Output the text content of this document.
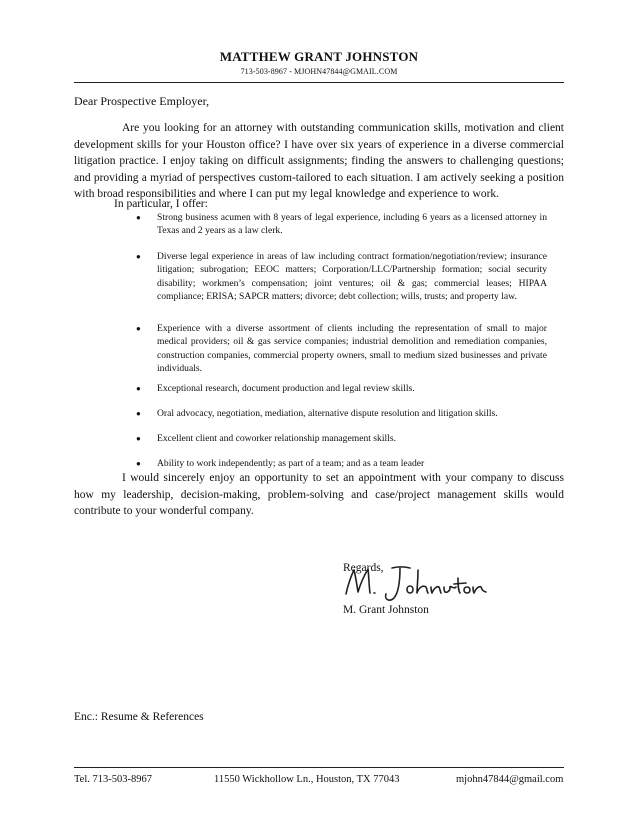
MATTHEW GRANT JOHNSTON
713-503-8967 - MJOHN47844@GMAIL.COM
Dear Prospective Employer,

Are you looking for an attorney with outstanding communication skills, motivation and client development skills for your Houston office? I have over six years of experience in a diverse commercial litigation practice. I enjoy taking on difficult assignments; finding the answers to challenging questions; and providing a myriad of perspectives custom-tailored to each situation. I am actively seeking a position with broad responsibilities and where I can put my legal knowledge and experience to work.

In particular, I offer:
●	Strong business acumen with 8 years of legal experience, including 6 years as a licensed attorney in Texas and 2 years as a law clerk.
●	Diverse legal experience in areas of law including contract formation/negotiation/review; insurance litigation; subrogation; EEOC matters; Corporation/LLC/Partnership formation; social security disability; workmen’s compensation; joint ventures; oil & gas; commercial leases; HIPAA compliance; ERISA; SAPCR matters; divorce; debt collection; wills, trusts; and property law.
●	Experience with a diverse assortment of clients including the representation of small to major medical providers; oil & gas service companies; industrial demolition and remediation companies, construction companies, commercial property owners, small to medium sized businesses and private individuals.
●	Exceptional research, document production and legal review skills.
●	Oral advocacy, negotiation, mediation, alternative dispute resolution and litigation skills.
●	Excellent client and coworker relationship management skills.
●	Ability to work independently; as part of a team; and as a team leader

I would sincerely enjoy an opportunity to set an appointment with your company to discuss how my leadership, decision-making, problem-solving and case/project management skills would contribute to your wonderful company.

Regards,
M. Grant Johnston
Enc.: Resume & References
Tel. 713-503-8967	11550 Wickhollow Ln., Houston, TX 77043	mjohn47844@gmail.com
